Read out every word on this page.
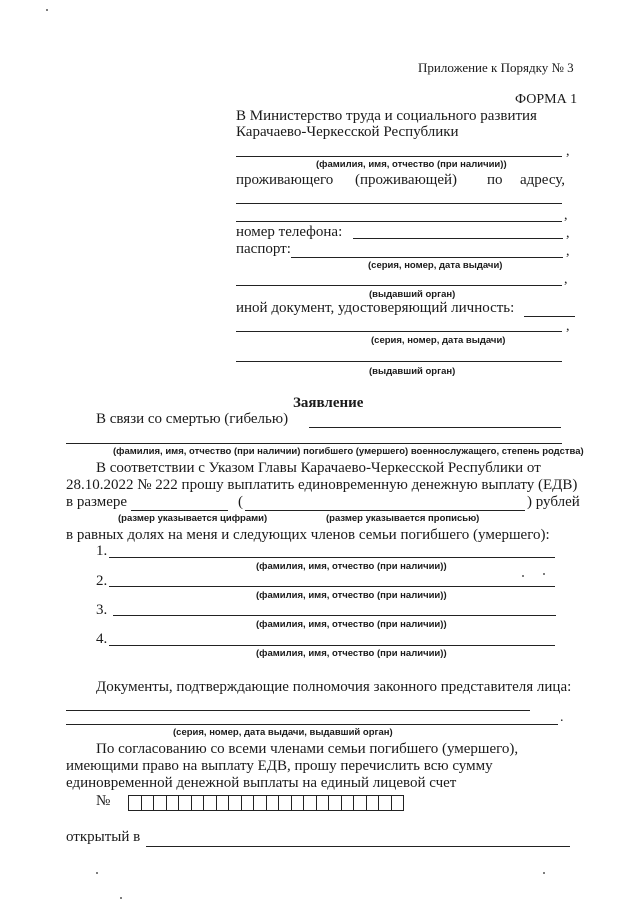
Приложение к Порядку № 3
ФОРМА 1
В Министерство труда и социального развития
Карачаево-Черкесской Республики
,
(фамилия, имя, отчество (при наличии))
проживающего (проживающей) по адресу,
,
номер телефона:	,
паспорт:	,
(серия, номер, дата выдачи)
,
(выдавший орган)
иной документ, удостоверяющий личность:
,
(серия, номер, дата выдачи)
(выдавший орган)
Заявление
В связи со смертью (гибелью)
(фамилия, имя, отчество (при наличии) погибшего (умершего) военнослужащего, степень родства)
В соответствии с Указом Главы Карачаево-Черкесской Республики от
28.10.2022 № 222 прошу выплатить единовременную денежную выплату (ЕДВ)
в размере	(	) рублей
(размер указывается цифрами)	(размер указывается прописью)
в равных долях на меня и следующих членов семьи погибшего (умершего):
1.
(фамилия, имя, отчество (при наличии))
2.
(фамилия, имя, отчество (при наличии))
3.
(фамилия, имя, отчество (при наличии))
4.
(фамилия, имя, отчество (при наличии))
Документы, подтверждающие полномочия законного представителя лица:
.
(серия, номер, дата выдачи, выдавший орган)
По согласованию со всеми членами семьи погибшего (умершего),
имеющими право на выплату ЕДВ, прошу перечислить всю сумму
единовременной денежной выплаты на единый лицевой счет
№
открытый в
